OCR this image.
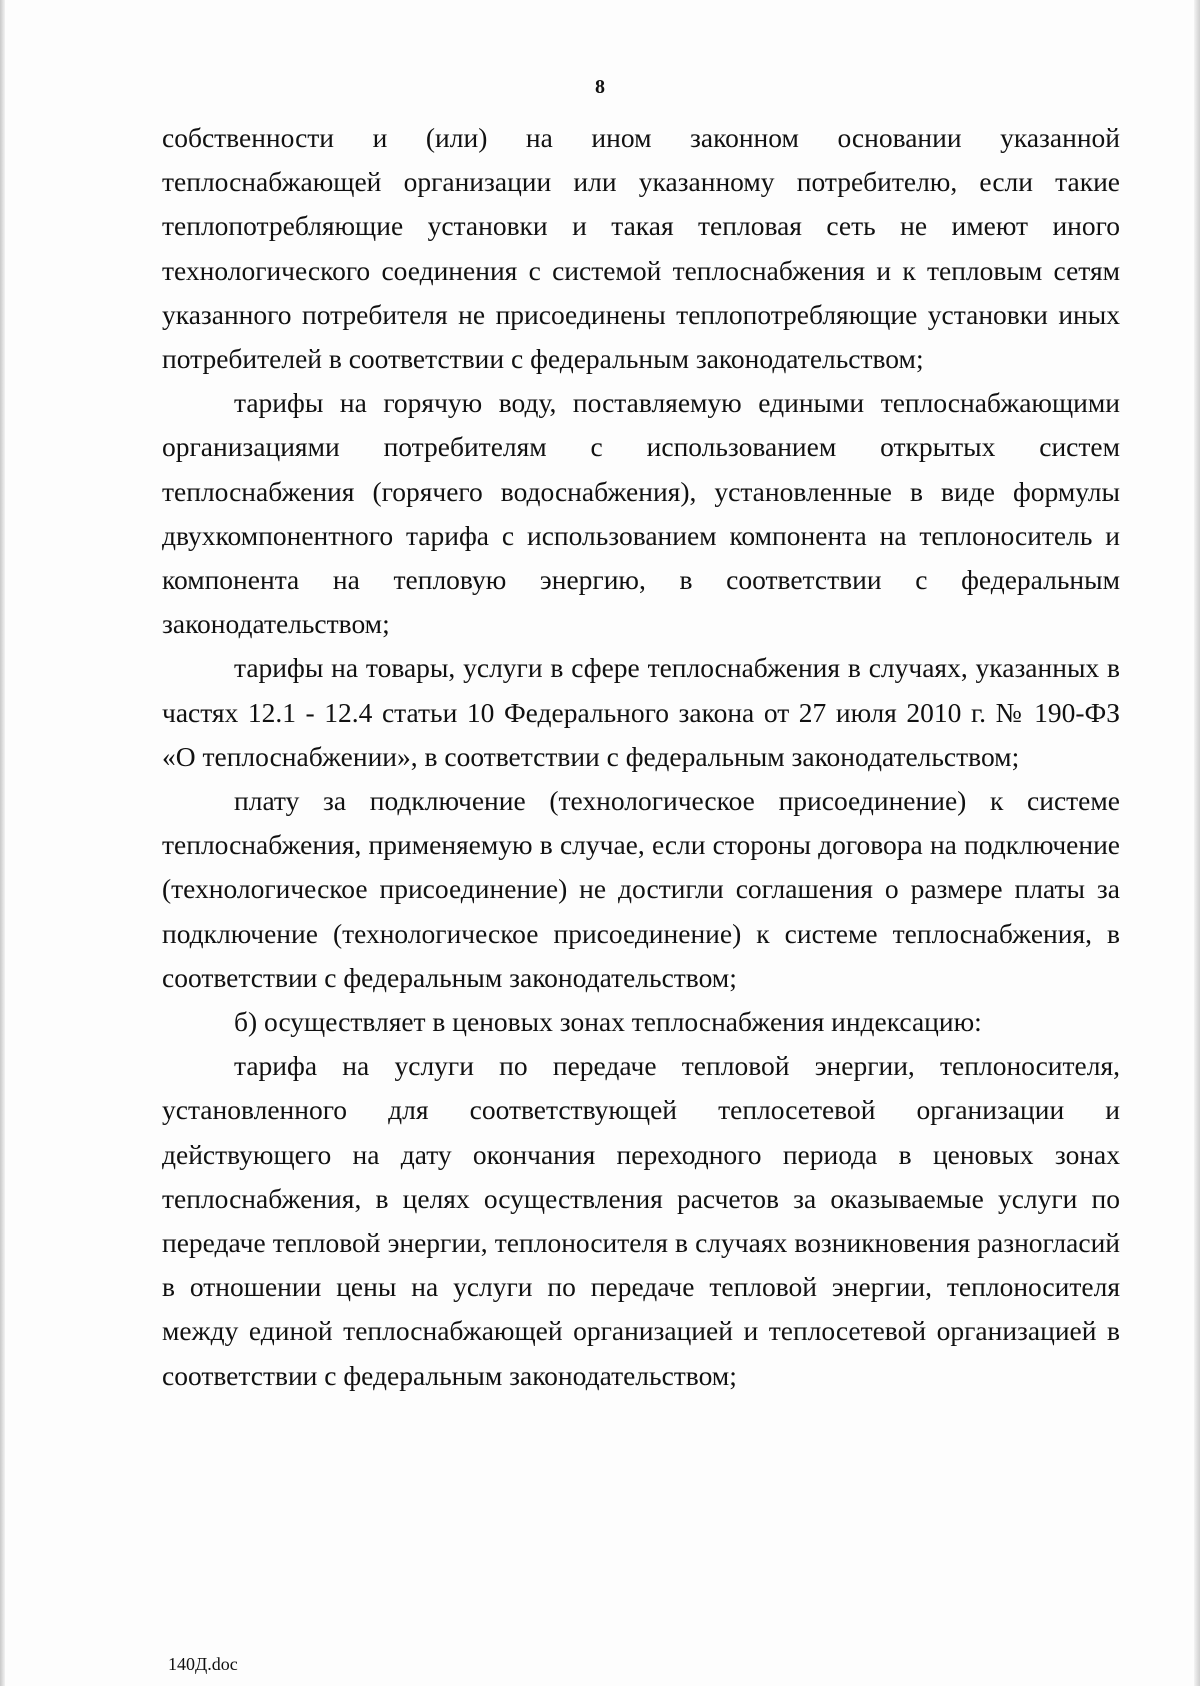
8

собственности и (или) на ином законном основании указанной теплоснабжающей организации или указанному потребителю, если такие теплопотребляющие установки и такая тепловая сеть не имеют иного технологического соединения с системой теплоснабжения и к тепловым сетям указанного потребителя не присоединены теплопотребляющие установки иных потребителей в соответствии с федеральным законодательством;

тарифы на горячую воду, поставляемую едиными теплоснабжающими организациями потребителям с использованием открытых систем теплоснабжения (горячего водоснабжения), установленные в виде формулы двухкомпонентного тарифа с использованием компонента на теплоноситель и компонента на тепловую энергию, в соответствии с федеральным законодательством;

тарифы на товары, услуги в сфере теплоснабжения в случаях, указанных в частях 12.1 - 12.4 статьи 10 Федерального закона от 27 июля 2010 г. № 190-ФЗ «О теплоснабжении», в соответствии с федеральным законодательством;

плату за подключение (технологическое присоединение) к системе теплоснабжения, применяемую в случае, если стороны договора на подключение (технологическое присоединение) не достигли соглашения о размере платы за подключение (технологическое присоединение) к системе теплоснабжения, в соответствии с федеральным законодательством;

б) осуществляет в ценовых зонах теплоснабжения индексацию:

тарифа на услуги по передаче тепловой энергии, теплоносителя, установленного для соответствующей теплосетевой организации и действующего на дату окончания переходного периода в ценовых зонах теплоснабжения, в целях осуществления расчетов за оказываемые услуги по передаче тепловой энергии, теплоносителя в случаях возникновения разногласий в отношении цены на услуги по передаче тепловой энергии, теплоносителя между единой теплоснабжающей организацией и теплосетевой организацией в соответствии с федеральным законодательством;

140Д.doc
